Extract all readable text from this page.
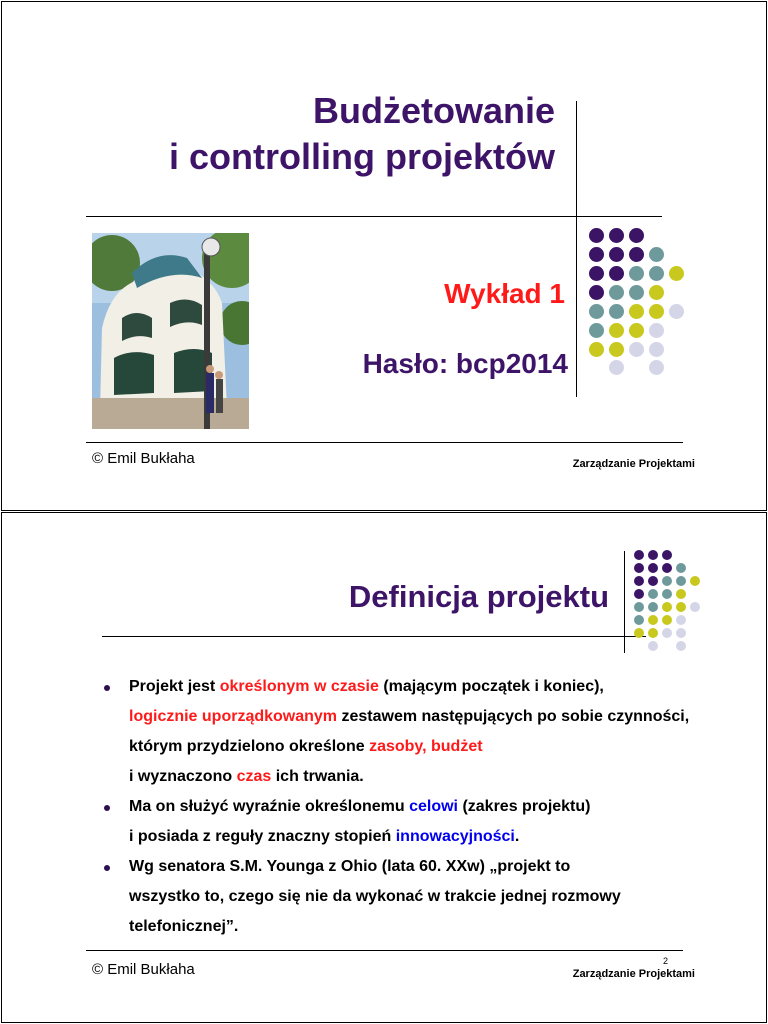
Budżetowanie
i controlling projektów
Wykład 1
Hasło: bcp2014
© Emil Bukłaha	Zarządzanie Projektami
Definicja projektu
Projekt jest określonym w czasie (mającym początek i koniec),
logicznie uporządkowanym zestawem następujących po sobie czynności, którym przydzielono określone zasoby, budżet
i wyznaczono czas ich trwania.
Ma on służyć wyraźnie określonemu celowi (zakres projektu)
i posiada z reguły znaczny stopień innowacyjności.
Wg senatora S.M. Younga z Ohio (lata 60. XXw) „projekt to
wszystko to, czego się nie da wykonać w trakcie jednej rozmowy
telefonicznej”.
2
© Emil Bukłaha	Zarządzanie Projektami
